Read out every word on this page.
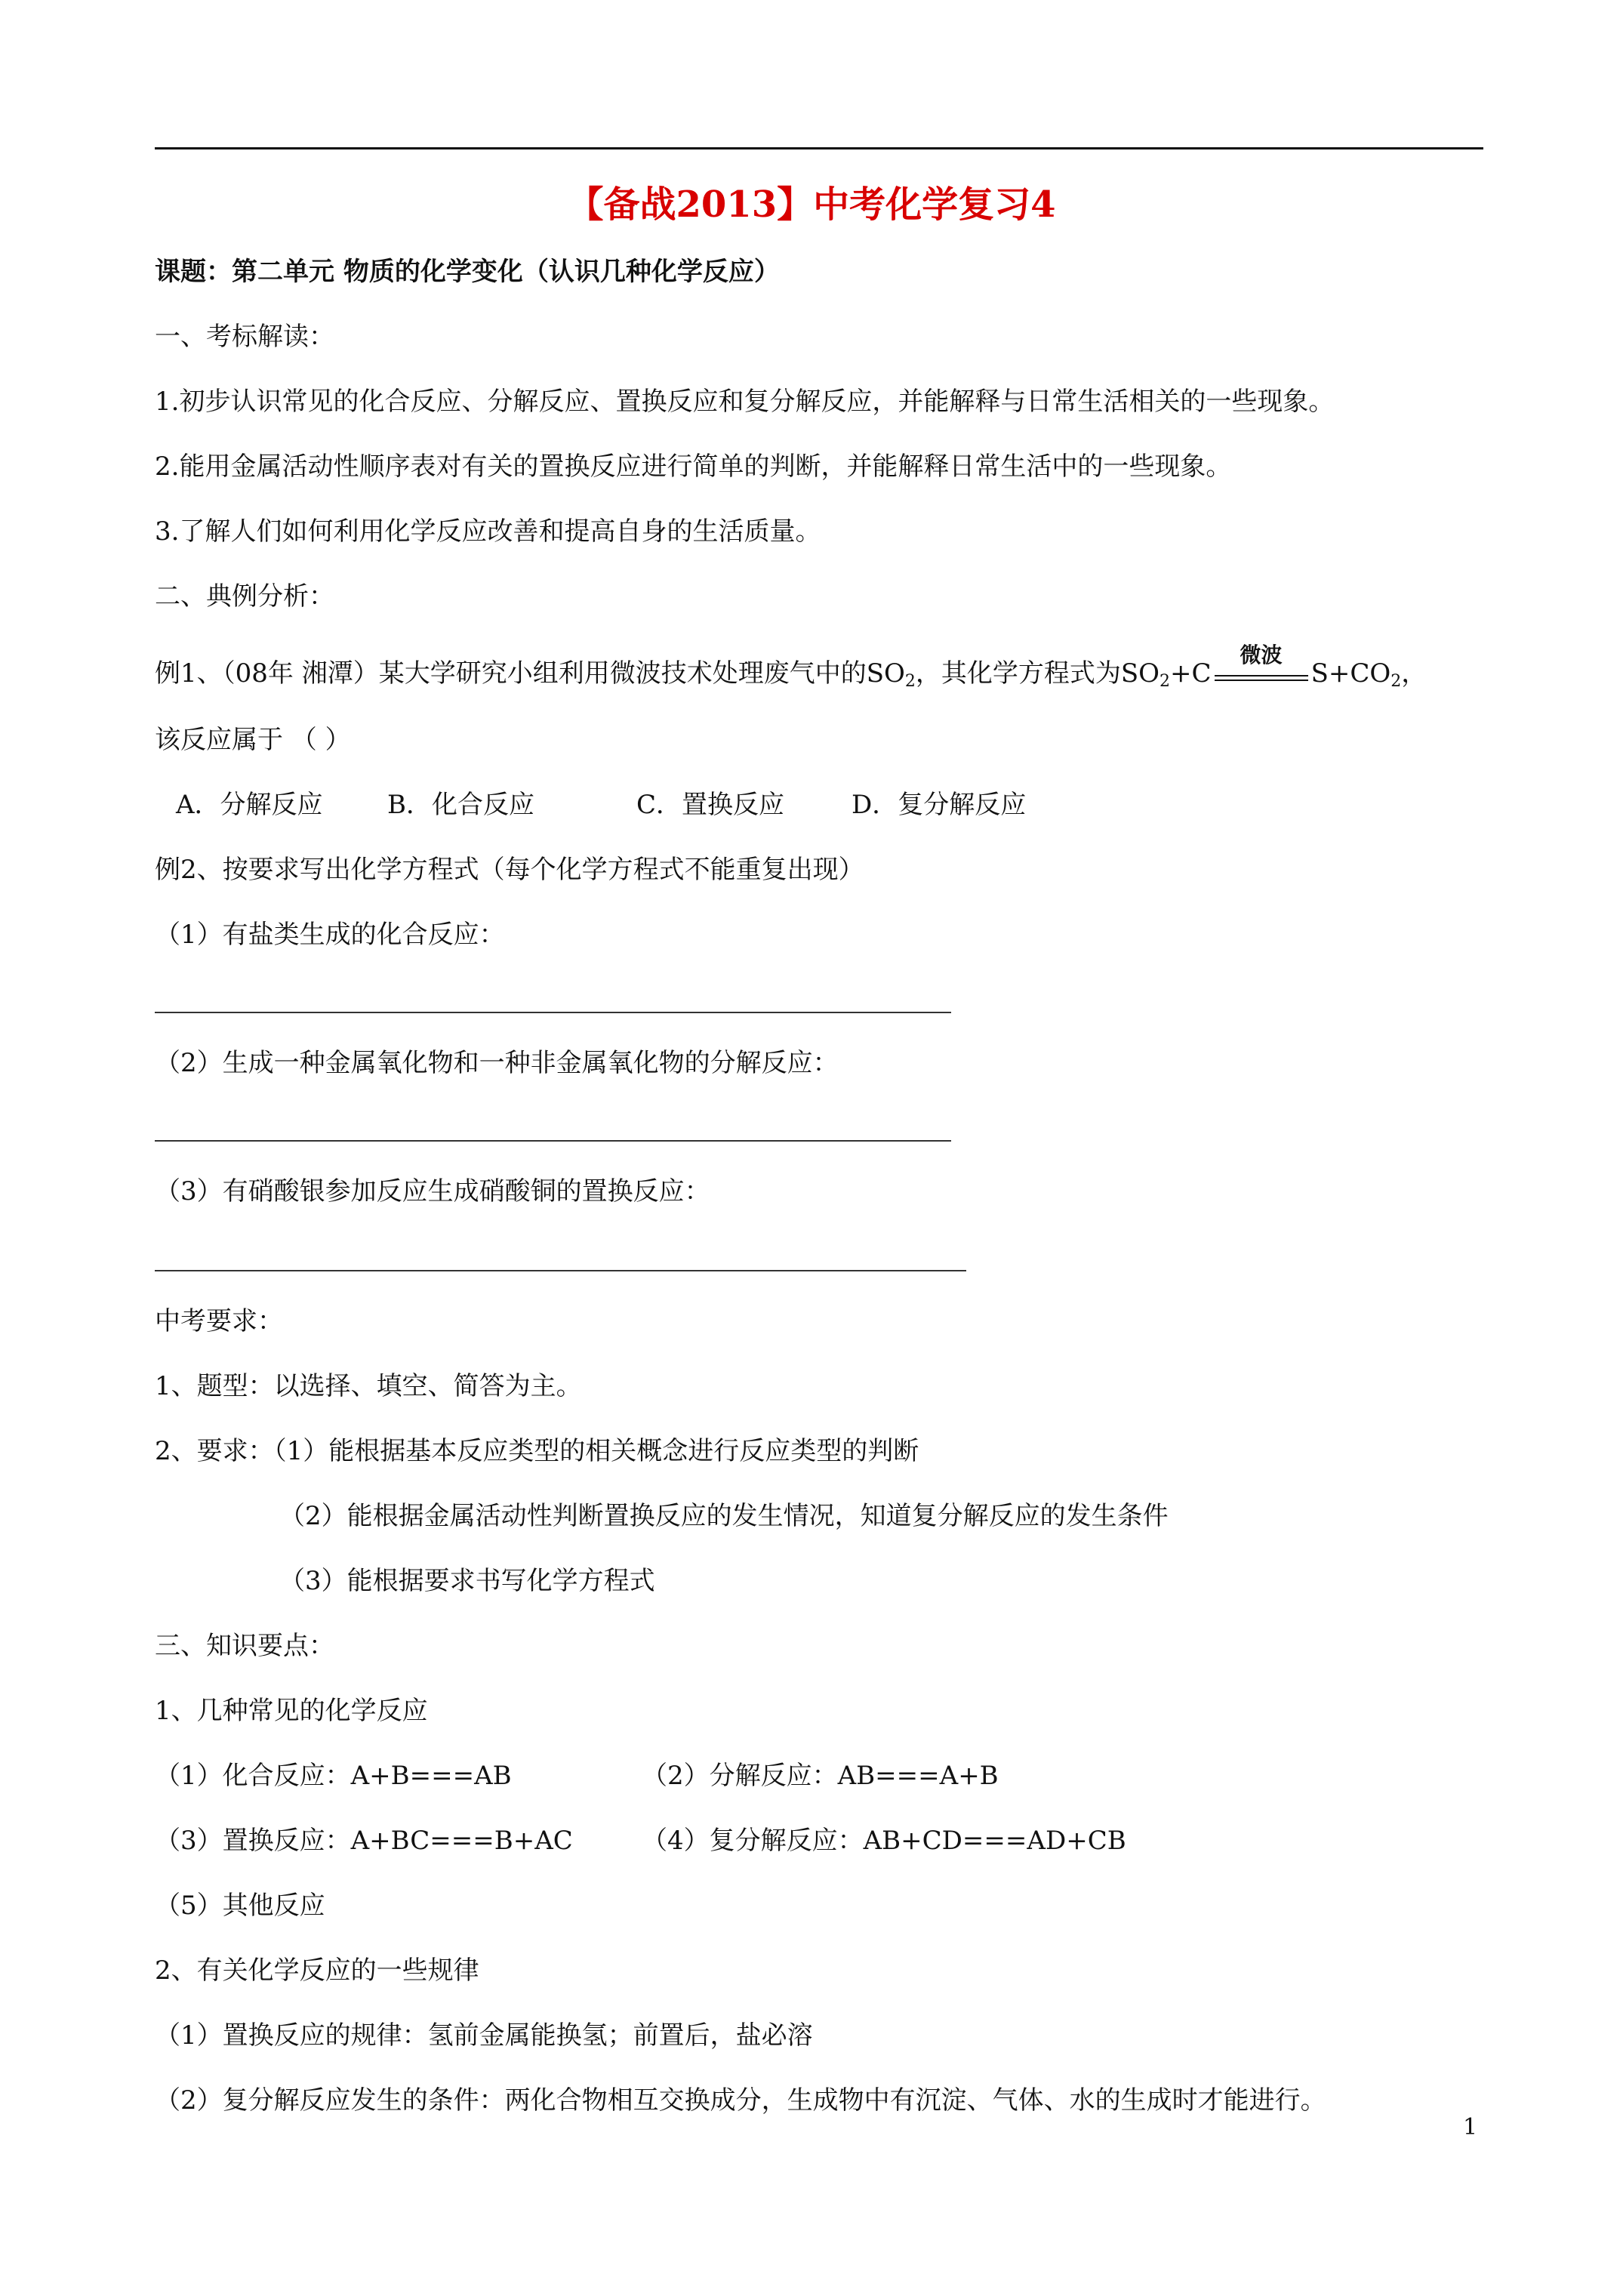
【备战2013】中考化学复习4
课题：第二单元 物质的化学变化（认识几种化学反应）
一、考标解读：
1.初步认识常见的化合反应、分解反应、置换反应和复分解反应，并能解释与日常生活相关的一些现象。
2.能用金属活动性顺序表对有关的置换反应进行简单的判断，并能解释日常生活中的一些现象。
3.了解人们如何利用化学反应改善和提高自身的生活质量。
二、典例分析：
例1、（08年 湘潭）某大学研究小组利用微波技术处理废气中的$SO_2$，其化学方程式为$SO_2+C$
微波
$S+CO_2$，
该反应属于 （ ）
A．分解反应	B．化合反应	C．置换反应	D．复分解反应
例2、按要求写出化学方程式（每个化学方程式不能重复出现）
（1）有盐类生成的化合反应：
（2）生成一种金属氧化物和一种非金属氧化物的分解反应：
（3）有硝酸银参加反应生成硝酸铜的置换反应：
中考要求：
1、题型：以选择、填空、简答为主。
2、要求：（1）能根据基本反应类型的相关概念进行反应类型的判断
（2）能根据金属活动性判断置换反应的发生情况，知道复分解反应的发生条件
（3）能根据要求书写化学方程式
三、知识要点：
1、几种常见的化学反应
（1）化合反应：A+B===AB	（2）分解反应：AB===A+B
（3）置换反应：A+BC===B+AC	（4）复分解反应：AB+CD===AD+CB
（5）其他反应
2、有关化学反应的一些规律
（1）置换反应的规律：氢前金属能换氢；前置后，盐必溶
（2）复分解反应发生的条件：两化合物相互交换成分，生成物中有沉淀、气体、水的生成时才能进行。
1
